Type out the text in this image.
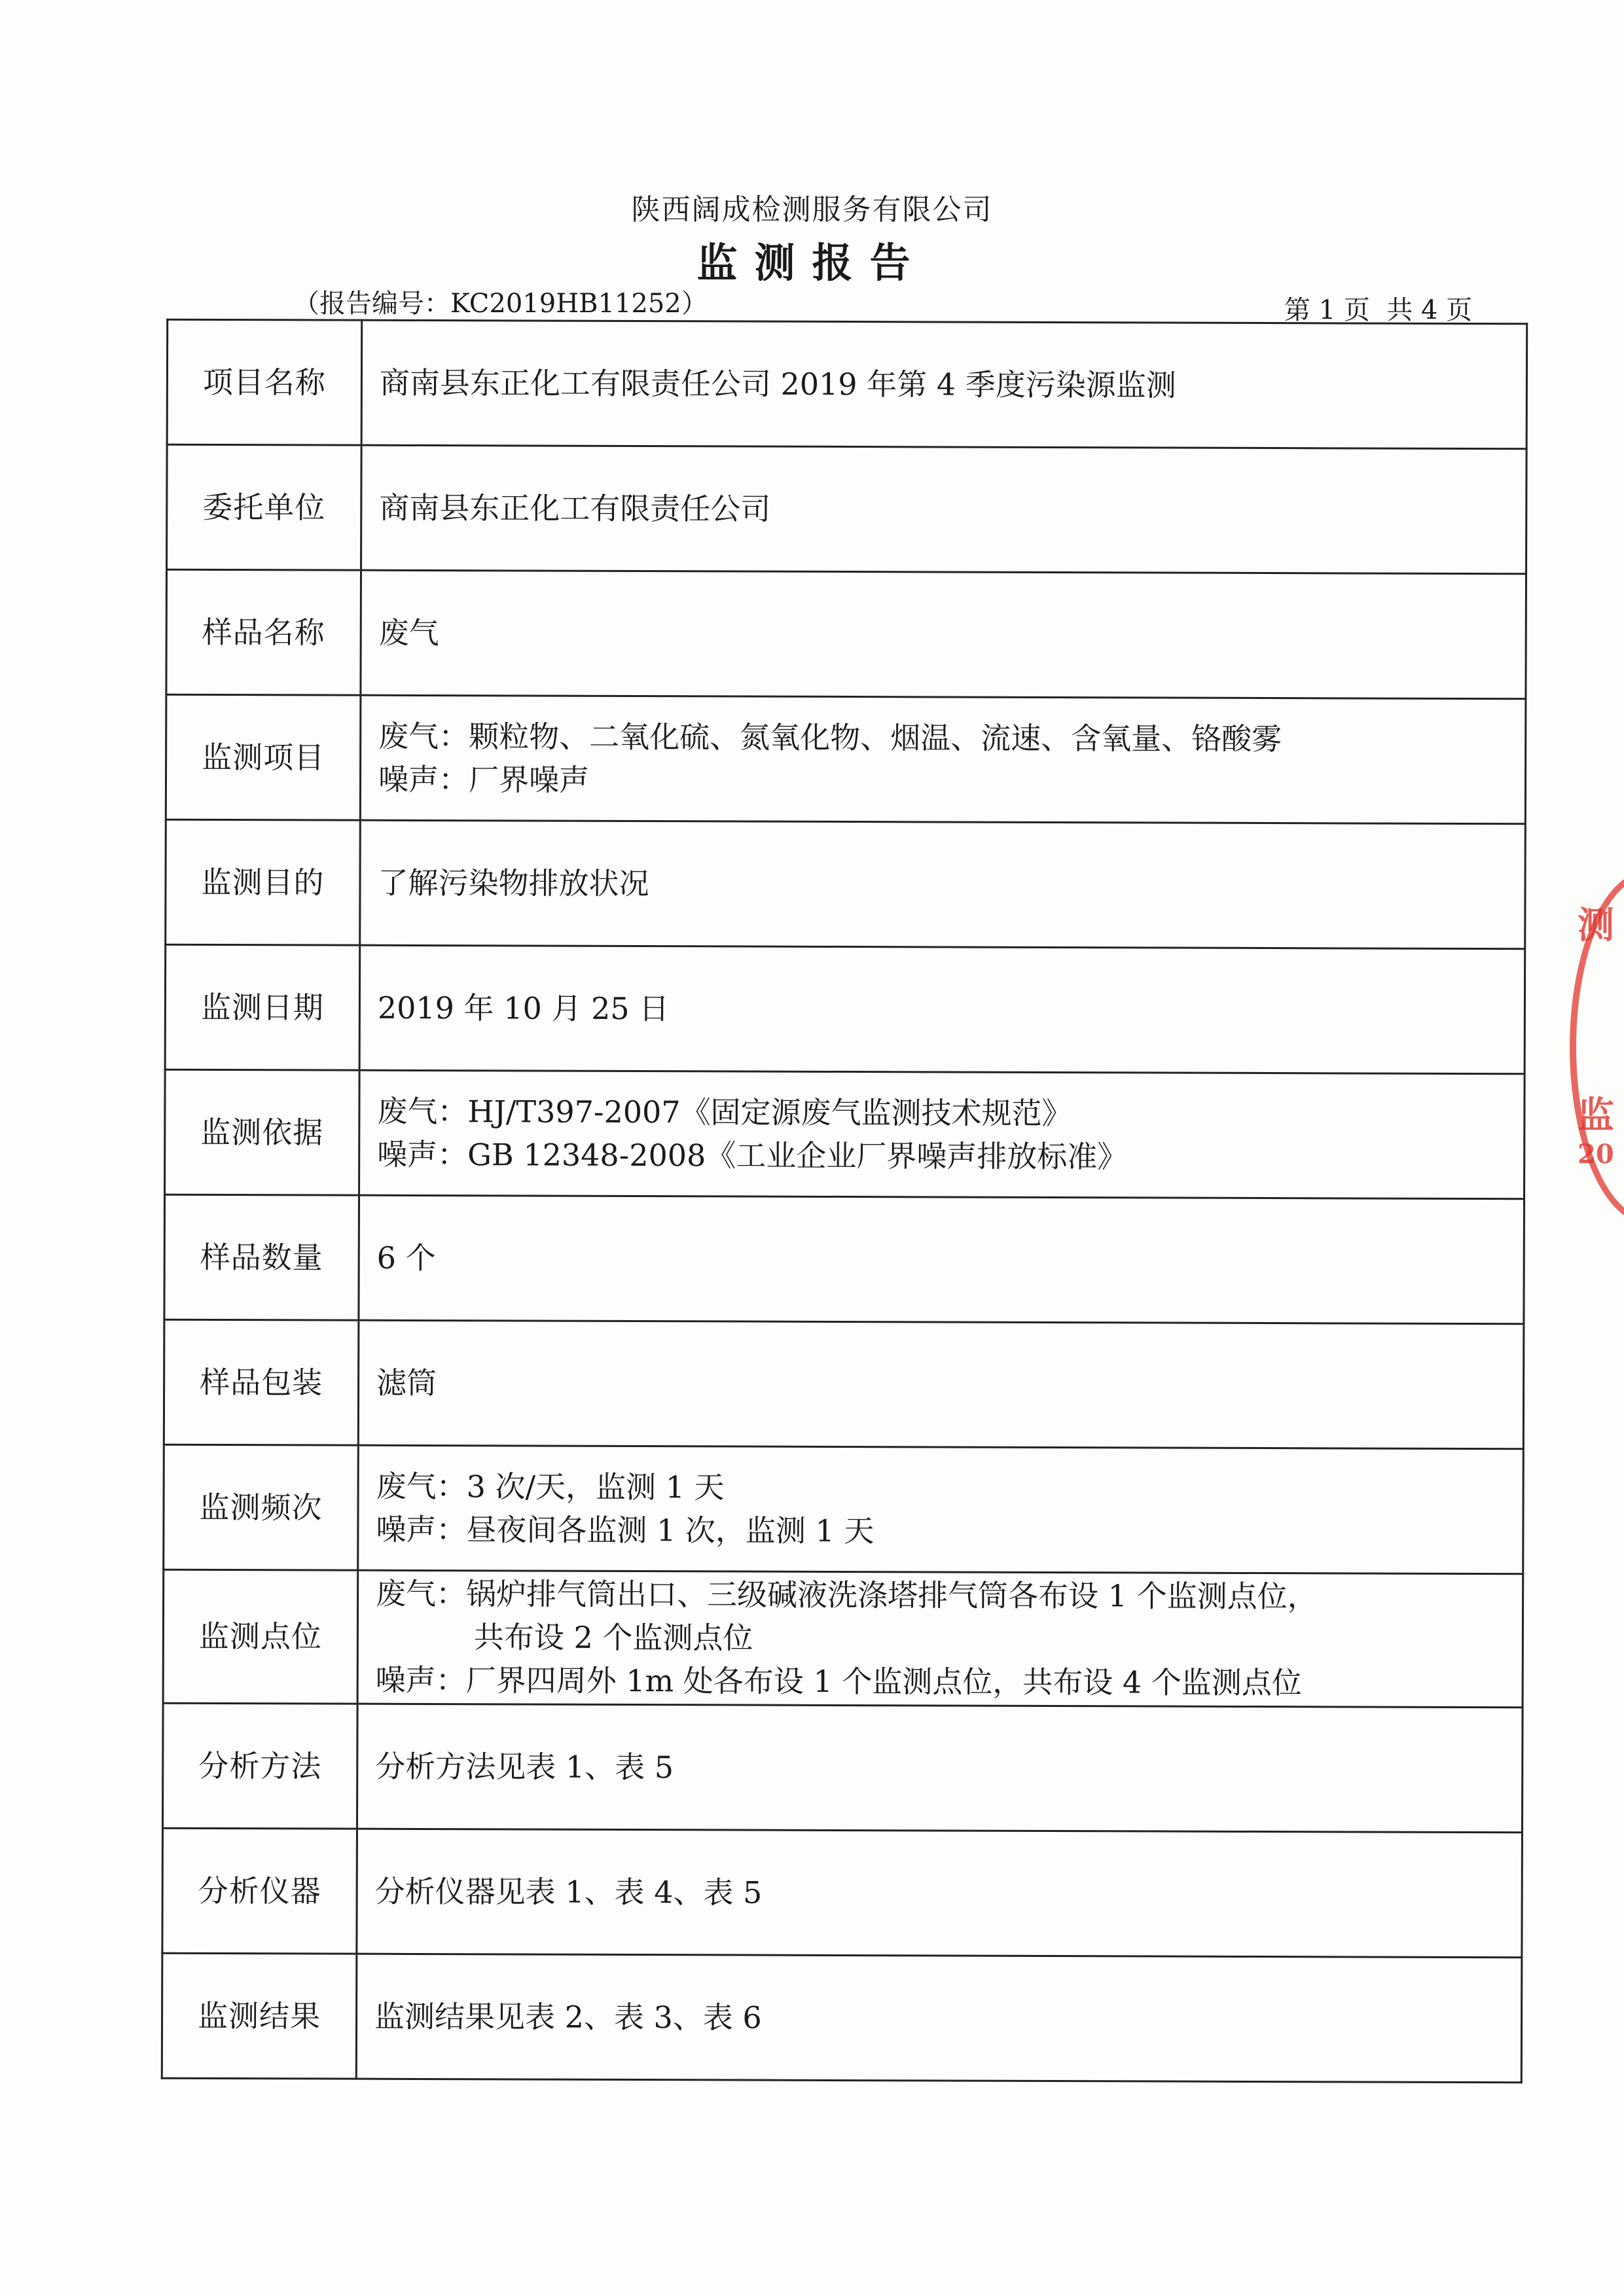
陕西阔成检测服务有限公司
监测报告
（报告编号：KC2019HB11252）	第 1 页  共 4 页
项目名称	商南县东正化工有限责任公司 2019 年第 4 季度污染源监测

委托单位	商南县东正化工有限责任公司

样品名称	废气

监测项目	废气：颗粒物、二氧化硫、氮氧化物、烟温、流速、含氧量、铬酸雾
噪声：厂界噪声

监测目的	了解污染物排放状况

监测日期	2019 年 10 月 25 日

监测依据	废气：HJ/T397-2007《固定源废气监测技术规范》
噪声：GB 12348-2008《工业企业厂界噪声排放标准》

样品数量	6 个

样品包装	滤筒

监测频次	废气：3 次/天，监测 1 天
噪声：昼夜间各监测 1 次，监测 1 天

监测点位	废气：锅炉排气筒出口、三级碱液洗涤塔排气筒各布设 1 个监测点位，
共布设 2 个监测点位
噪声：厂界四周外 1m 处各布设 1 个监测点位，共布设 4 个监测点位

分析方法	分析方法见表 1、表 5

分析仪器	分析仪器见表 1、表 4、表 5

监测结果	监测结果见表 2、表 3、表 6
测
监
20
